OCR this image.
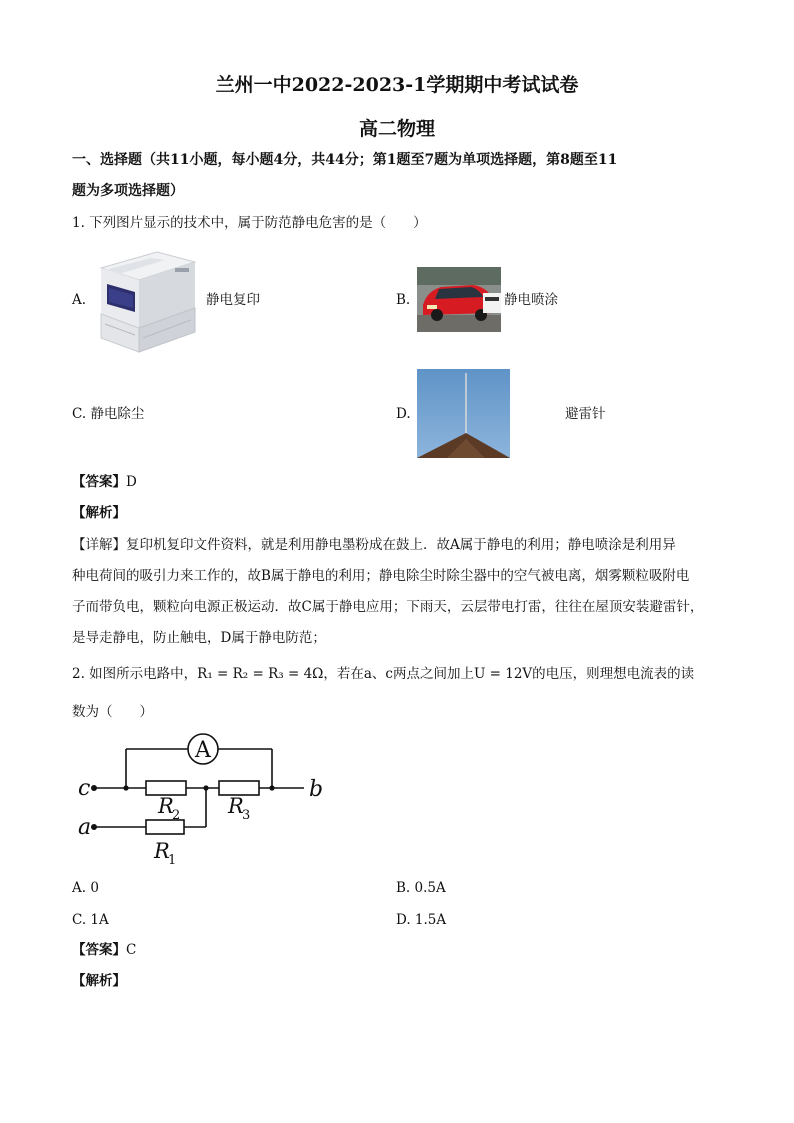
兰州一中2022-2023-1学期期中考试试卷
高二物理
一、选择题（共11小题，每小题4分，共44分；第1题至7题为单项选择题，第8题至11
题为多项选择题）
1. 下列图片显示的技术中，属于防范静电危害的是（　　）
A.	静电复印	B.	静电喷涂
C. 静电除尘	D.	避雷针
【答案】D
【解析】
【详解】复印机复印文件资料，就是利用静电墨粉成在鼓上．故A属于静电的利用；静电喷涂是利用异
种电荷间的吸引力来工作的，故B属于静电的利用；静电除尘时除尘器中的空气被电离，烟雾颗粒吸附电
子而带负电，颗粒向电源正极运动．故C属于静电应用；下雨天，云层带电打雷，往往在屋顶安装避雷针，
是导走静电，防止触电，D属于静电防范；
2. 如图所示电路中，R₁ = R₂ = R₃ = 4Ω，若在a、c两点之间加上U = 12V的电压，则理想电流表的读
数为（　　）
A
c
a
b
R
2 R
3
R
1
A. 0	B. 0.5A
C. 1A	D. 1.5A
【答案】C
【解析】
